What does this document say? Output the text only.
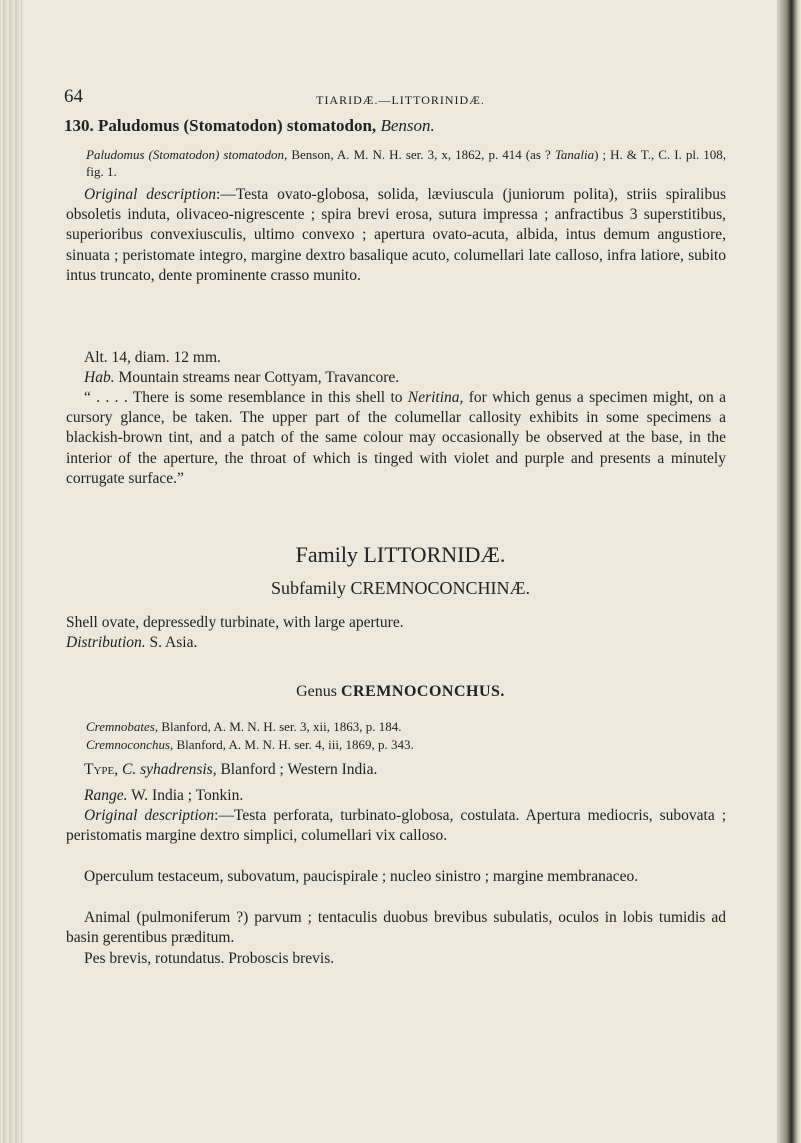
64	TIARIDÆ.—LITTORINIDÆ.
130. Paludomus (Stomatodon) stomatodon, Benson.
Paludomus (Stomatodon) stomatodon, Benson, A. M. N. H. ser. 3, x, 1862, p. 414 (as ? Tanalia) ; H. & T., C. I. pl. 108, fig. 1.
Original description:—Testa ovato-globosa, solida, læviuscula (juniorum polita), striis spiralibus obsoletis induta, olivaceo-nigrescente ; spira brevi erosa, sutura impressa ; anfractibus 3 superstitibus, superioribus convexiusculis, ultimo convexo ; apertura ovato-acuta, albida, intus demum angustiore, sinuata ; peristomate integro, margine dextro basalique acuto, columellari late calloso, infra latiore, subito intus truncato, dente prominente crasso munito.
Alt. 14, diam. 12 mm.
Hab. Mountain streams near Cottyam, Travancore.
“ . . . . There is some resemblance in this shell to Neritina, for which genus a specimen might, on a cursory glance, be taken. The upper part of the columellar callosity exhibits in some specimens a blackish-brown tint, and a patch of the same colour may occasionally be observed at the base, in the interior of the aperture, the throat of which is tinged with violet and purple and presents a minutely corrugate surface.”
Family LITTORNIDÆ.
Subfamily CREMNOCONCHINÆ.
Shell ovate, depressedly turbinate, with large aperture.
Distribution. S. Asia.
Genus CREMNOCONCHUS.
Cremnobates, Blanford, A. M. N. H. ser. 3, xii, 1863, p. 184.
Cremnoconchus, Blanford, A. M. N. H. ser. 4, iii, 1869, p. 343.
Type, C. syhadrensis, Blanford ; Western India.
Range. W. India ; Tonkin.
Original description:—Testa perforata, turbinato-globosa, costulata. Apertura mediocris, subovata ; peristomatis margine dextro simplici, columellari vix calloso.
Operculum testaceum, subovatum, paucispirale ; nucleo sinistro ; margine membranaceo.
Animal (pulmoniferum ?) parvum ; tentaculis duobus brevibus subulatis, oculos in lobis tumidis ad basin gerentibus præditum.
Pes brevis, rotundatus. Proboscis brevis.
